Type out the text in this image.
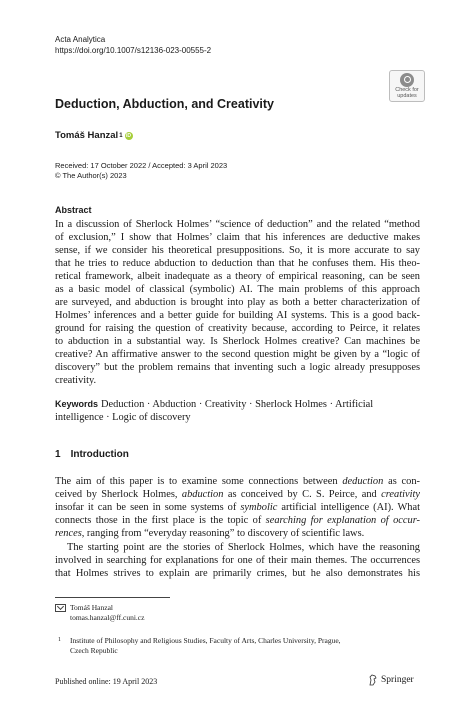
Acta Analytica
https://doi.org/10.1007/s12136-023-00555-2
Check for updates
Deduction, Abduction, and Creativity
Tomáš Hanzal 1 iD
Received: 17 October 2022 / Accepted: 3 April 2023
© The Author(s) 2023
Abstract
In a discussion of Sherlock Holmes’ “science of deduction” and the related “method
of exclusion,” I show that Holmes’ claim that his inferences are deductive makes
sense, if we consider his theoretical presuppositions. So, it is more accurate to say
that he tries to reduce abduction to deduction than that he confuses them. His theo-
retical framework, albeit inadequate as a theory of empirical reasoning, can be seen
as a basic model of classical (symbolic) AI. The main problems of this approach
are surveyed, and abduction is brought into play as both a better characterization of
Holmes’ inferences and a better guide for building AI systems. This is a good back-
ground for raising the question of creativity because, according to Peirce, it relates
to abduction in a substantial way. Is Sherlock Holmes creative? Can machines be
creative? An affirmative answer to the second question might be given by a “logic of
discovery” but the problem remains that inventing such a logic already presupposes
creativity.
Keywords Deduction · Abduction · Creativity · Sherlock Holmes · Artificial
intelligence · Logic of discovery
1 Introduction
The aim of this paper is to examine some connections between deduction as con-
ceived by Sherlock Holmes, abduction as conceived by C. S. Peirce, and creativity
insofar it can be seen in some systems of symbolic artificial intelligence (AI). What
connects those in the first place is the topic of searching for explanation of occur-
rences, ranging from “everyday reasoning” to discovery of scientific laws.
The starting point are the stories of Sherlock Holmes, which have the reasoning
involved in searching for explanations for one of their main themes. The occurrences
that Holmes strives to explain are primarily crimes, but he also demonstrates his
Tomáš Hanzal
tomas.hanzal@ff.cuni.cz
1 Institute of Philosophy and Religious Studies, Faculty of Arts, Charles University, Prague,
Czech Republic
Published online: 19 April 2023	Springer
